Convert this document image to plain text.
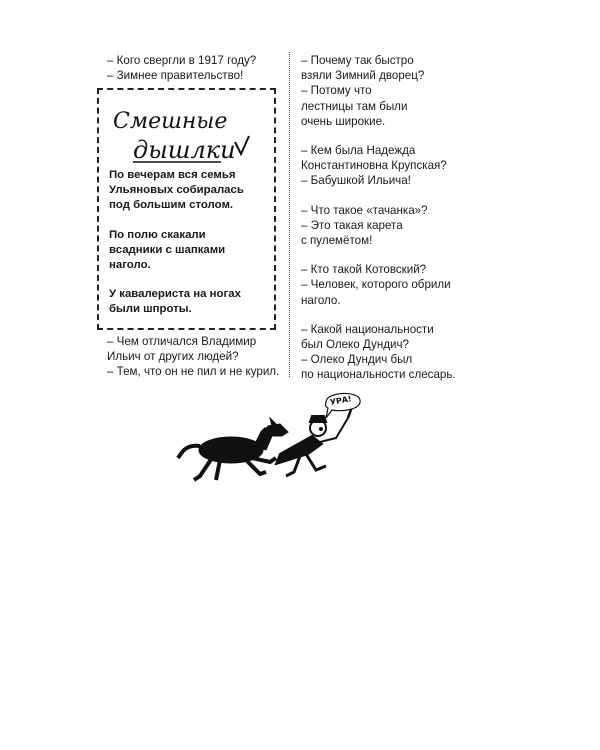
– Кого свергли в 1917 году?
– Зимнее правительство!
Смешные
дышлки
По вечерам вся семья
Ульяновых собиралась
под большим столом.
По полю скакали
всадники с шапками
наголо.
У кавалериста на ногах
были шпроты.
– Чем отличался Владимир
Ильич от других людей?
– Тем, что он не пил и не курил.
– Почему так быстро
взяли Зимний дворец?
– Потому что
лестницы там были
очень широкие.
– Кем была Надежда
Константиновна Крупская?
– Бабушкой Ильича!
– Что такое «тачанка»?
– Это такая карета
с пулемётом!
– Кто такой Котовский?
– Человек, которого обрили
наголо.
– Какой национальности
был Олеко Дундич?
– Олеко Дундич был
по национальности слесарь.
УРА!
